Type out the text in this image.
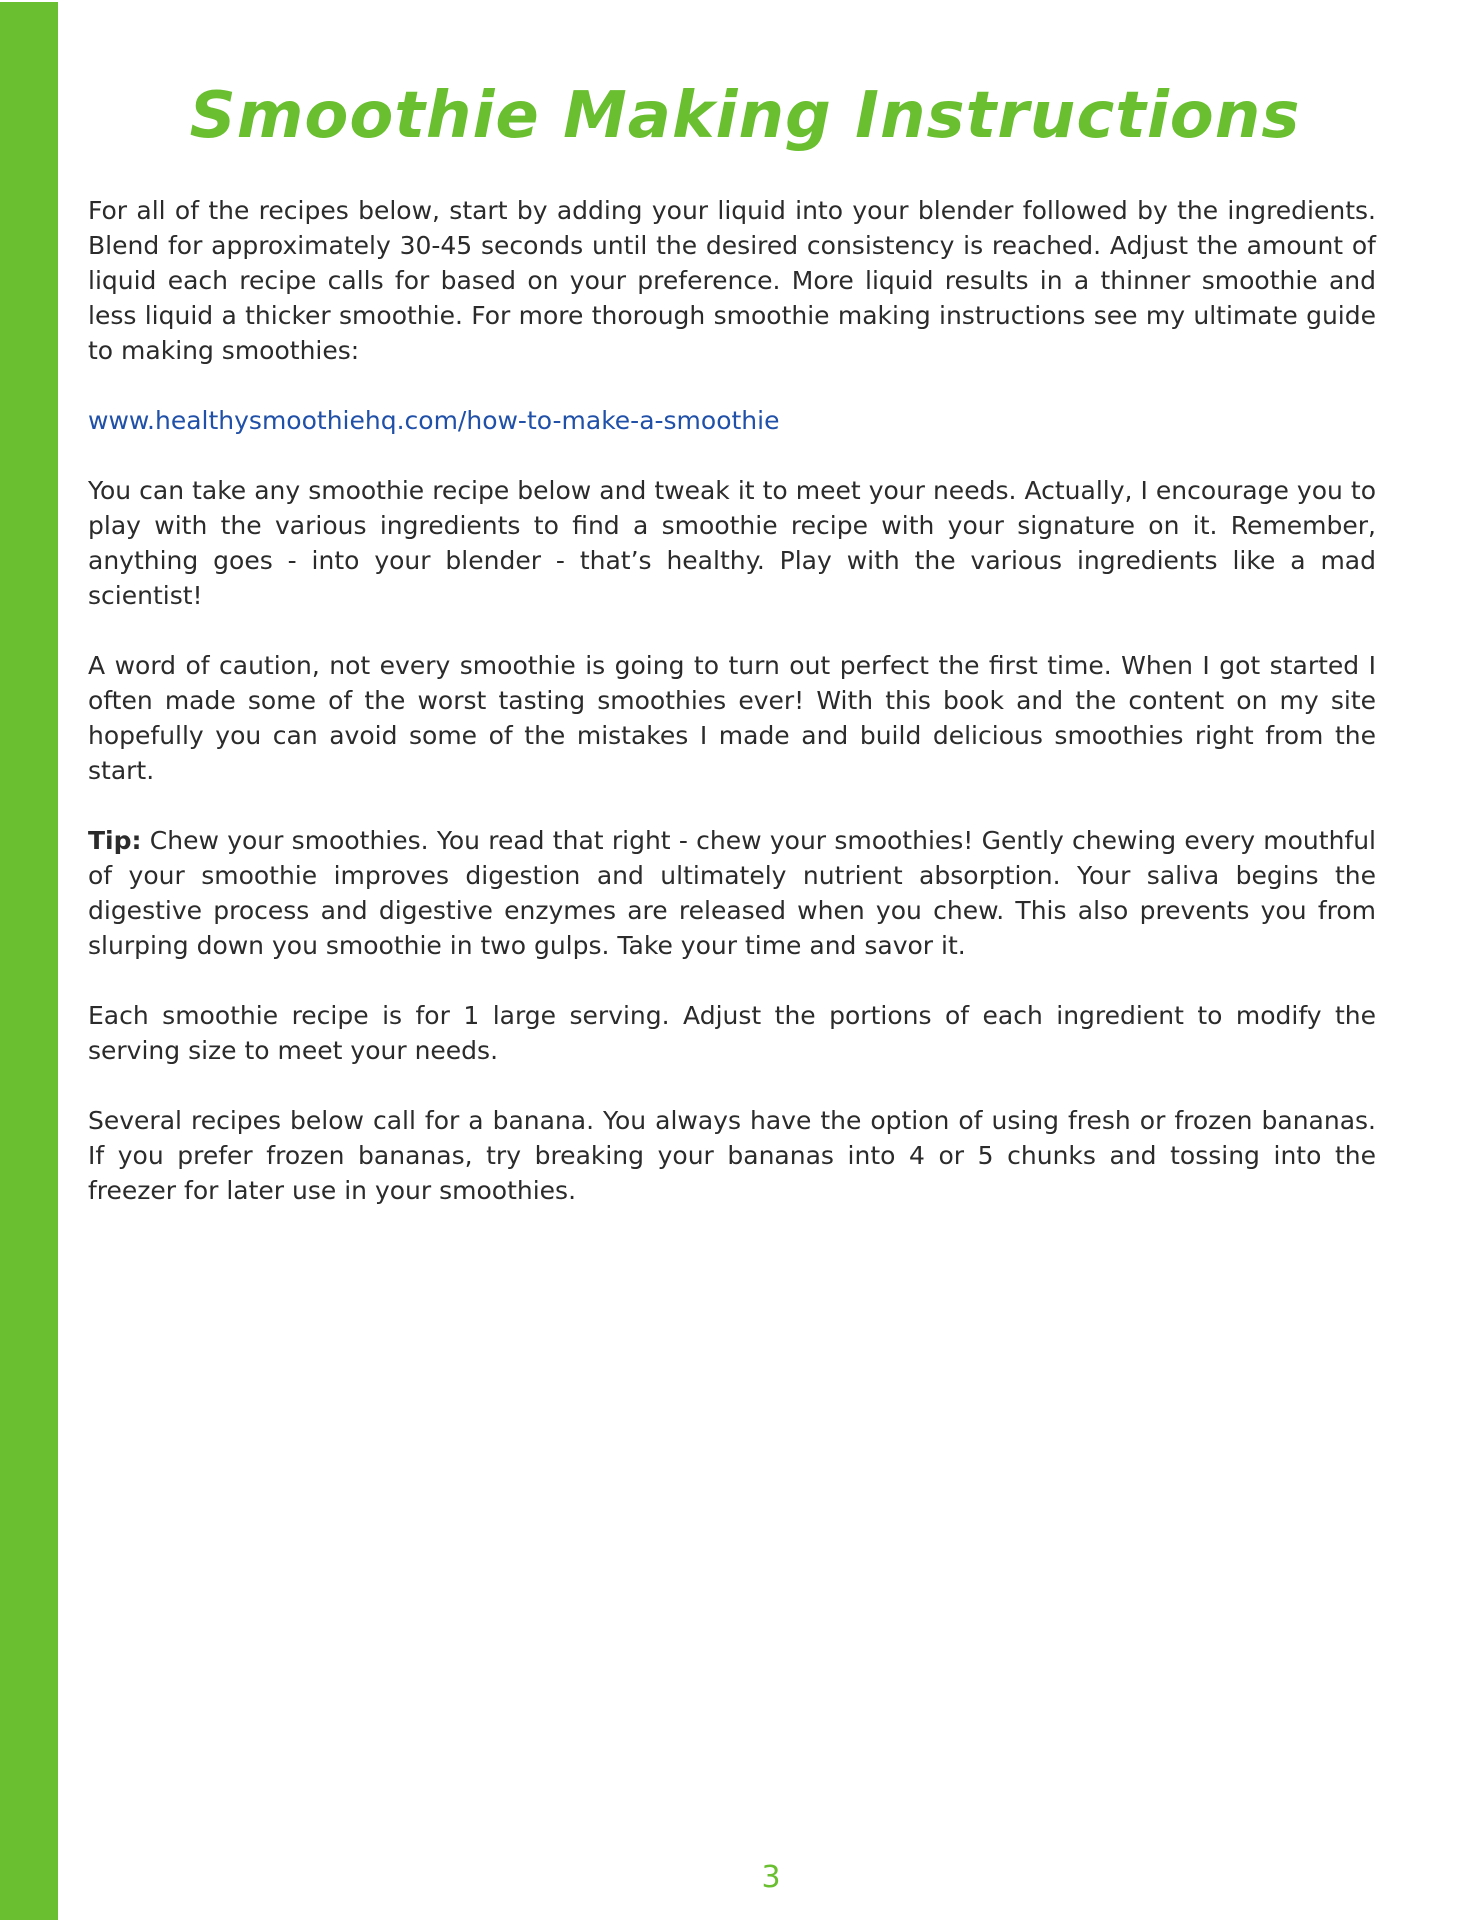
Smoothie Making Instructions

For all of the recipes below, start by adding your liquid into your blender followed by the ingredients. Blend for approximately 30-45 seconds until the desired consistency is reached. Adjust the amount of liquid each recipe calls for based on your preference. More liquid results in a thinner smoothie and less liquid a thicker smoothie. For more thorough smoothie making instructions see my ultimate guide to making smoothies:

www.healthysmoothiehq.com/how-to-make-a-smoothie

You can take any smoothie recipe below and tweak it to meet your needs. Actually, I encourage you to play with the various ingredients to find a smoothie recipe with your signature on it. Remember, anything goes - into your blender - that’s healthy. Play with the various ingredients like a mad scientist!

A word of caution, not every smoothie is going to turn out perfect the first time. When I got started I often made some of the worst tasting smoothies ever! With this book and the content on my site hopefully you can avoid some of the mistakes I made and build delicious smoothies right from the start.

Tip: Chew your smoothies. You read that right - chew your smoothies! Gently chewing every mouthful of your smoothie improves digestion and ultimately nutrient absorption. Your saliva begins the digestive process and digestive enzymes are released when you chew. This also prevents you from slurping down you smoothie in two gulps. Take your time and savor it.

Each smoothie recipe is for 1 large serving. Adjust the portions of each ingredient to modify the serving size to meet your needs.

Several recipes below call for a banana. You always have the option of using fresh or frozen bananas. If you prefer frozen bananas, try breaking your bananas into 4 or 5 chunks and tossing into the freezer for later use in your smoothies.

3
